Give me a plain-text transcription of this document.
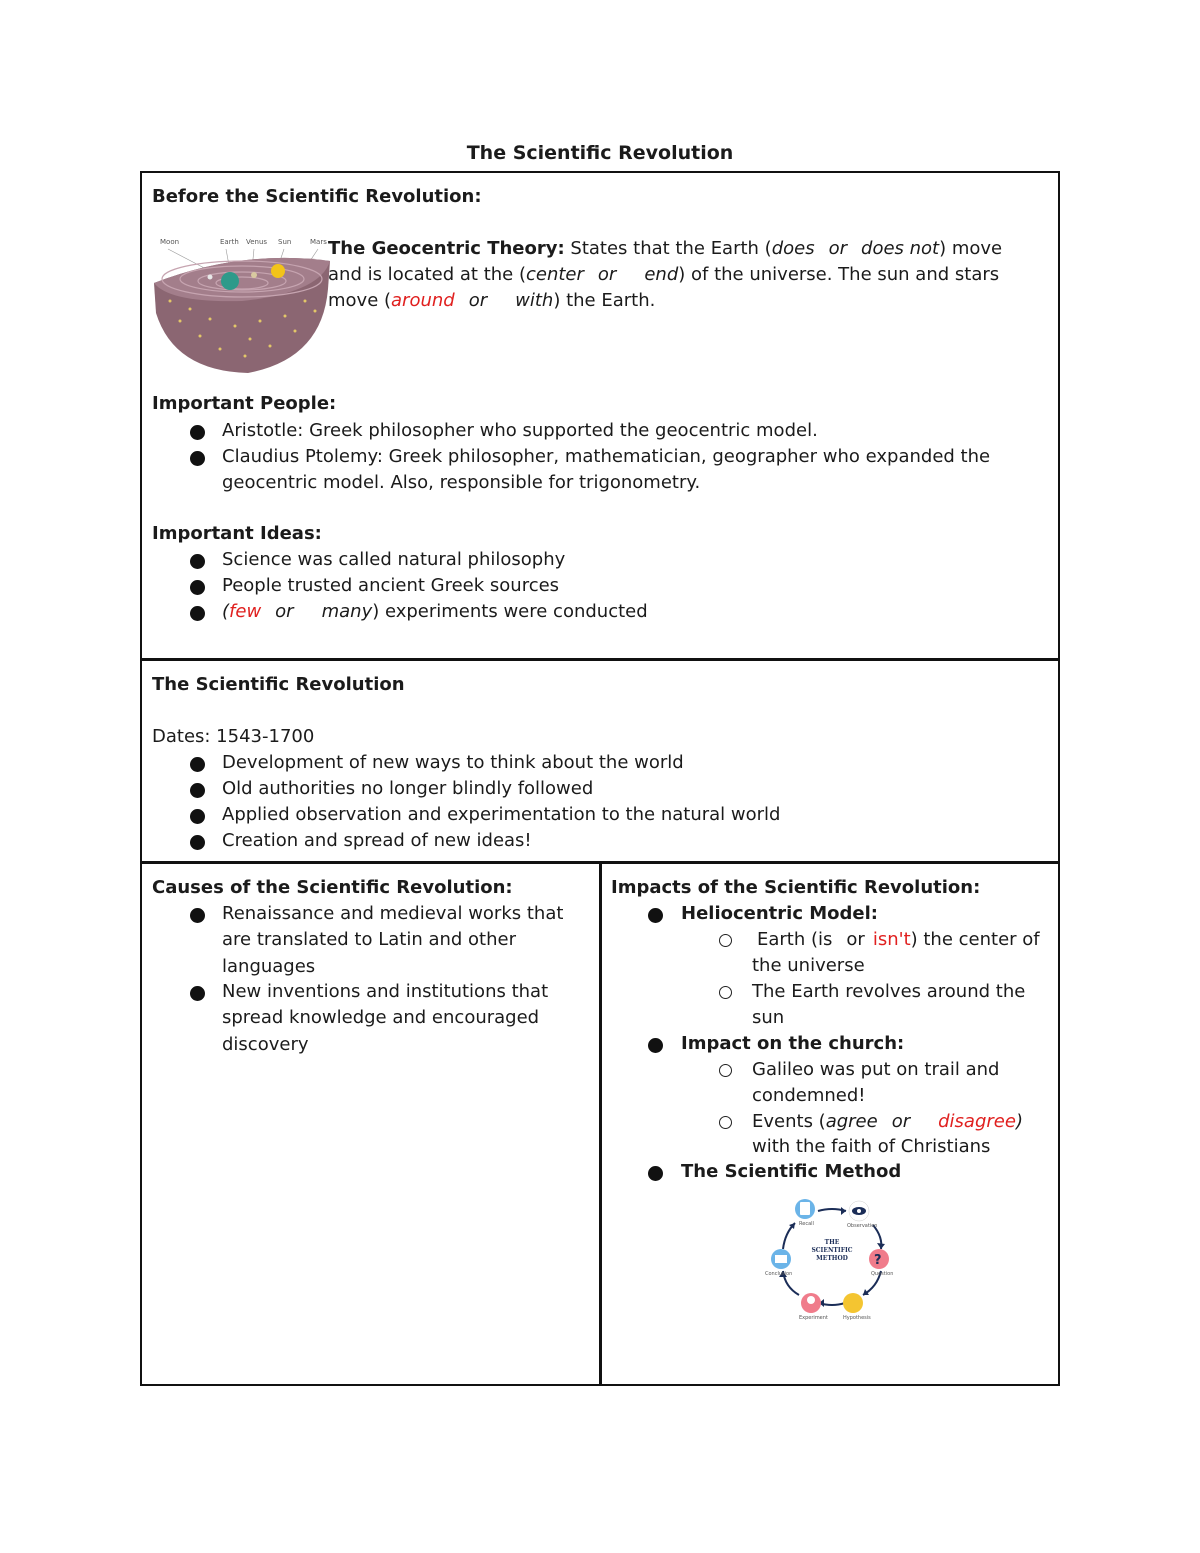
The Scientific Revolution

Before the Scientific Revolution:

Moon	Earth Venus Sun	Mars The Geocentric Theory: States that the Earth (does or does not) move

and is located at the (center or end) of the universe. The sun and stars

move (around or with) the Earth.

Important People:

Aristotle: Greek philosopher who supported the geocentric model.

Claudius Ptolemy: Greek philosopher, mathematician, geographer who expanded the

geocentric model. Also, responsible for trigonometry.

Important Ideas:

Science was called natural philosophy

People trusted ancient Greek sources

(few or many) experiments were conducted

The Scientific Revolution

Dates: 1543-1700

Development of new ways to think about the world

Old authorities no longer blindly followed

Applied observation and experimentation to the natural world

Creation and spread of new ideas!

Causes of the Scientific Revolution:

Renaissance and medieval works that

are translated to Latin and other

languages

New inventions and institutions that

spread knowledge and encouraged

discovery

Impacts of the Scientific Revolution:

Heliocentric Model:

Earth (is or isn't) the center of

the universe

The Earth revolves around the

sun

Impact on the church:

Galileo was put on trail and

condemned!

Events (agree or disagree)

with the faith of Christians

The Scientific Method

?
THE
SCIENTIFIC
METHOD
Recall	Observation
Question
Hypothesis
Experiment
Conclusion
